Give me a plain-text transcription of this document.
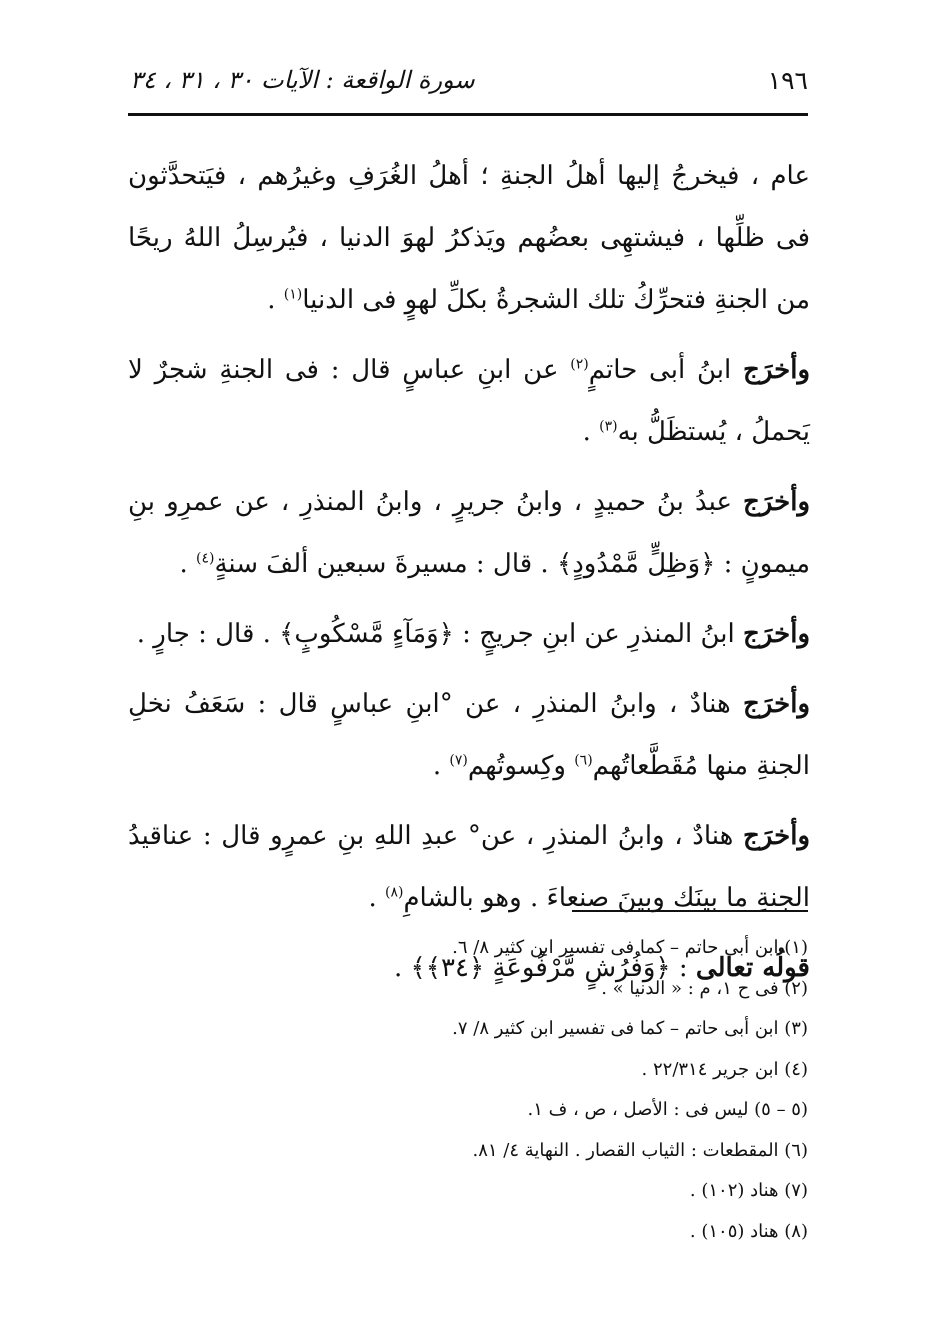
١٩٦
سورة الواقعة : الآيات ٣٠ ، ٣١ ، ٣٤

عام ، فيخرجُ إليها أهلُ الجنةِ ؛ أهلُ الغُرَفِ وغيرُهم ، فيَتحدَّثون فى ظلِّها ، فيشتهِى بعضُهم ويَذكرُ لهوَ الدنيا ، فيُرسِلُ اللهُ ريحًا من الجنةِ فتحرِّكُ تلك الشجرةُ بكلِّ لهوٍ فى الدنيا$^{(١)}$ .

وأخرَج ابنُ أبى حاتمٍ$^{(٢)}$ عن ابنِ عباسٍ قال : فى الجنةِ شجرٌ لا يَحملُ ، يُستظَلُّ به$^{(٣)}$ .

وأخرَج عبدُ بنُ حميدٍ ، وابنُ جريرٍ ، وابنُ المنذرِ ، عن عمرِو بنِ ميمونٍ : ﴿وَظِلٍّ مَّمْدُودٍ﴾ . قال : مسيرةَ سبعين ألفَ سنةٍ$^{(٤)}$ .

وأخرَج ابنُ المنذرِ عن ابنِ جريجٍ : ﴿وَمَآءٍ مَّسْكُوبٍ﴾ . قال : جارٍ .

وأخرَج هنادٌ ، وابنُ المنذرِ ، عن °ابنِ عباسٍ قال : سَعَفُ نخلِ الجنةِ منها مُقَطَّعاتُهم$^{(٦)}$ وكِسوتُهم$^{(٧)}$ .

وأخرَج هنادٌ ، وابنُ المنذرِ ، عن° عبدِ اللهِ بنِ عمرٍو قال : عناقيدُ الجنةِ ما بينَك وبينَ صنعاءَ . وهو بالشامِ$^{(٨)}$ .

قولُه تعالى : ﴿وَفُرُشٍ مَّرْفُوعَةٍ ﴿٣٤﴾﴾ .

(١) ابن أبى حاتم – كما فى تفسير ابن كثير ٨/ ٦.

(٢) فى ح ١، م : « الدنيا » .

(٣) ابن أبى حاتم – كما فى تفسير ابن كثير ٨/ ٧.

(٤) ابن جرير ٢٢/٣١٤ .

(٥ – ٥) ليس فى : الأصل ، ص ، ف ١.

(٦) المقطعات : الثياب القصار . النهاية ٤/ ٨١.

(٧) هناد (١٠٢) .

(٨) هناد (١٠٥) .
